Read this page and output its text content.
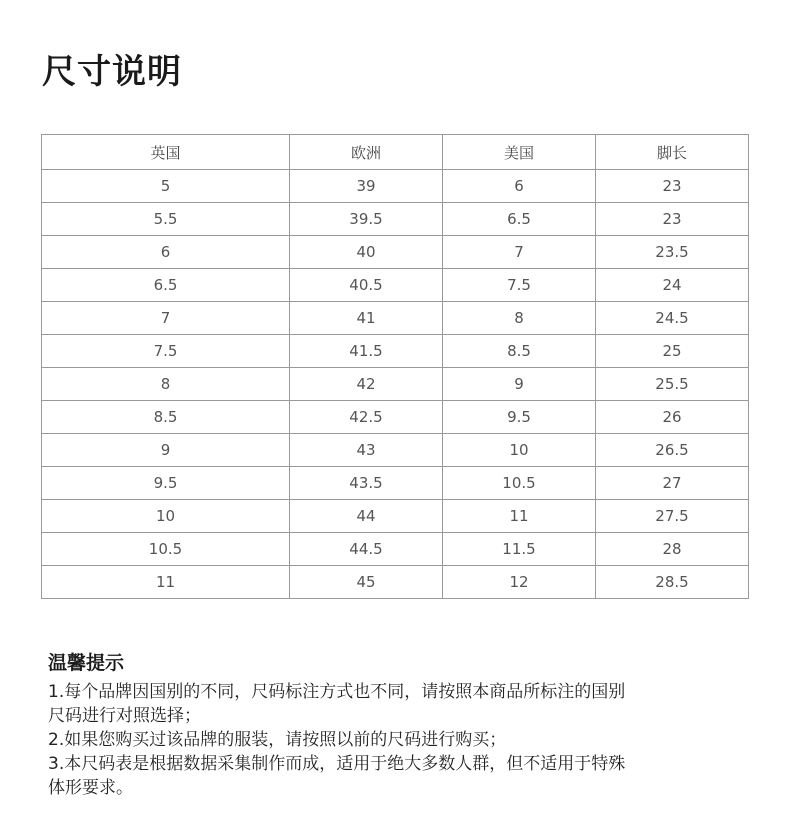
尺寸说明
英国	欧洲	美国	脚长
5	39	6	23
5.5	39.5	6.5	23
6	40	7	23.5
6.5	40.5	7.5	24
7	41	8	24.5
7.5	41.5	8.5	25
8	42	9	25.5
8.5	42.5	9.5	26
9	43	10	26.5
9.5	43.5	10.5	27
10	44	11	27.5
10.5	44.5	11.5	28
11	45	12	28.5
温馨提示

1.每个品牌因国别的不同，尺码标注方式也不同，请按照本商品所标注的国别

尺码进行对照选择；

2.如果您购买过该品牌的服装，请按照以前的尺码进行购买；

3.本尺码表是根据数据采集制作而成，适用于绝大多数人群，但不适用于特殊

体形要求。
